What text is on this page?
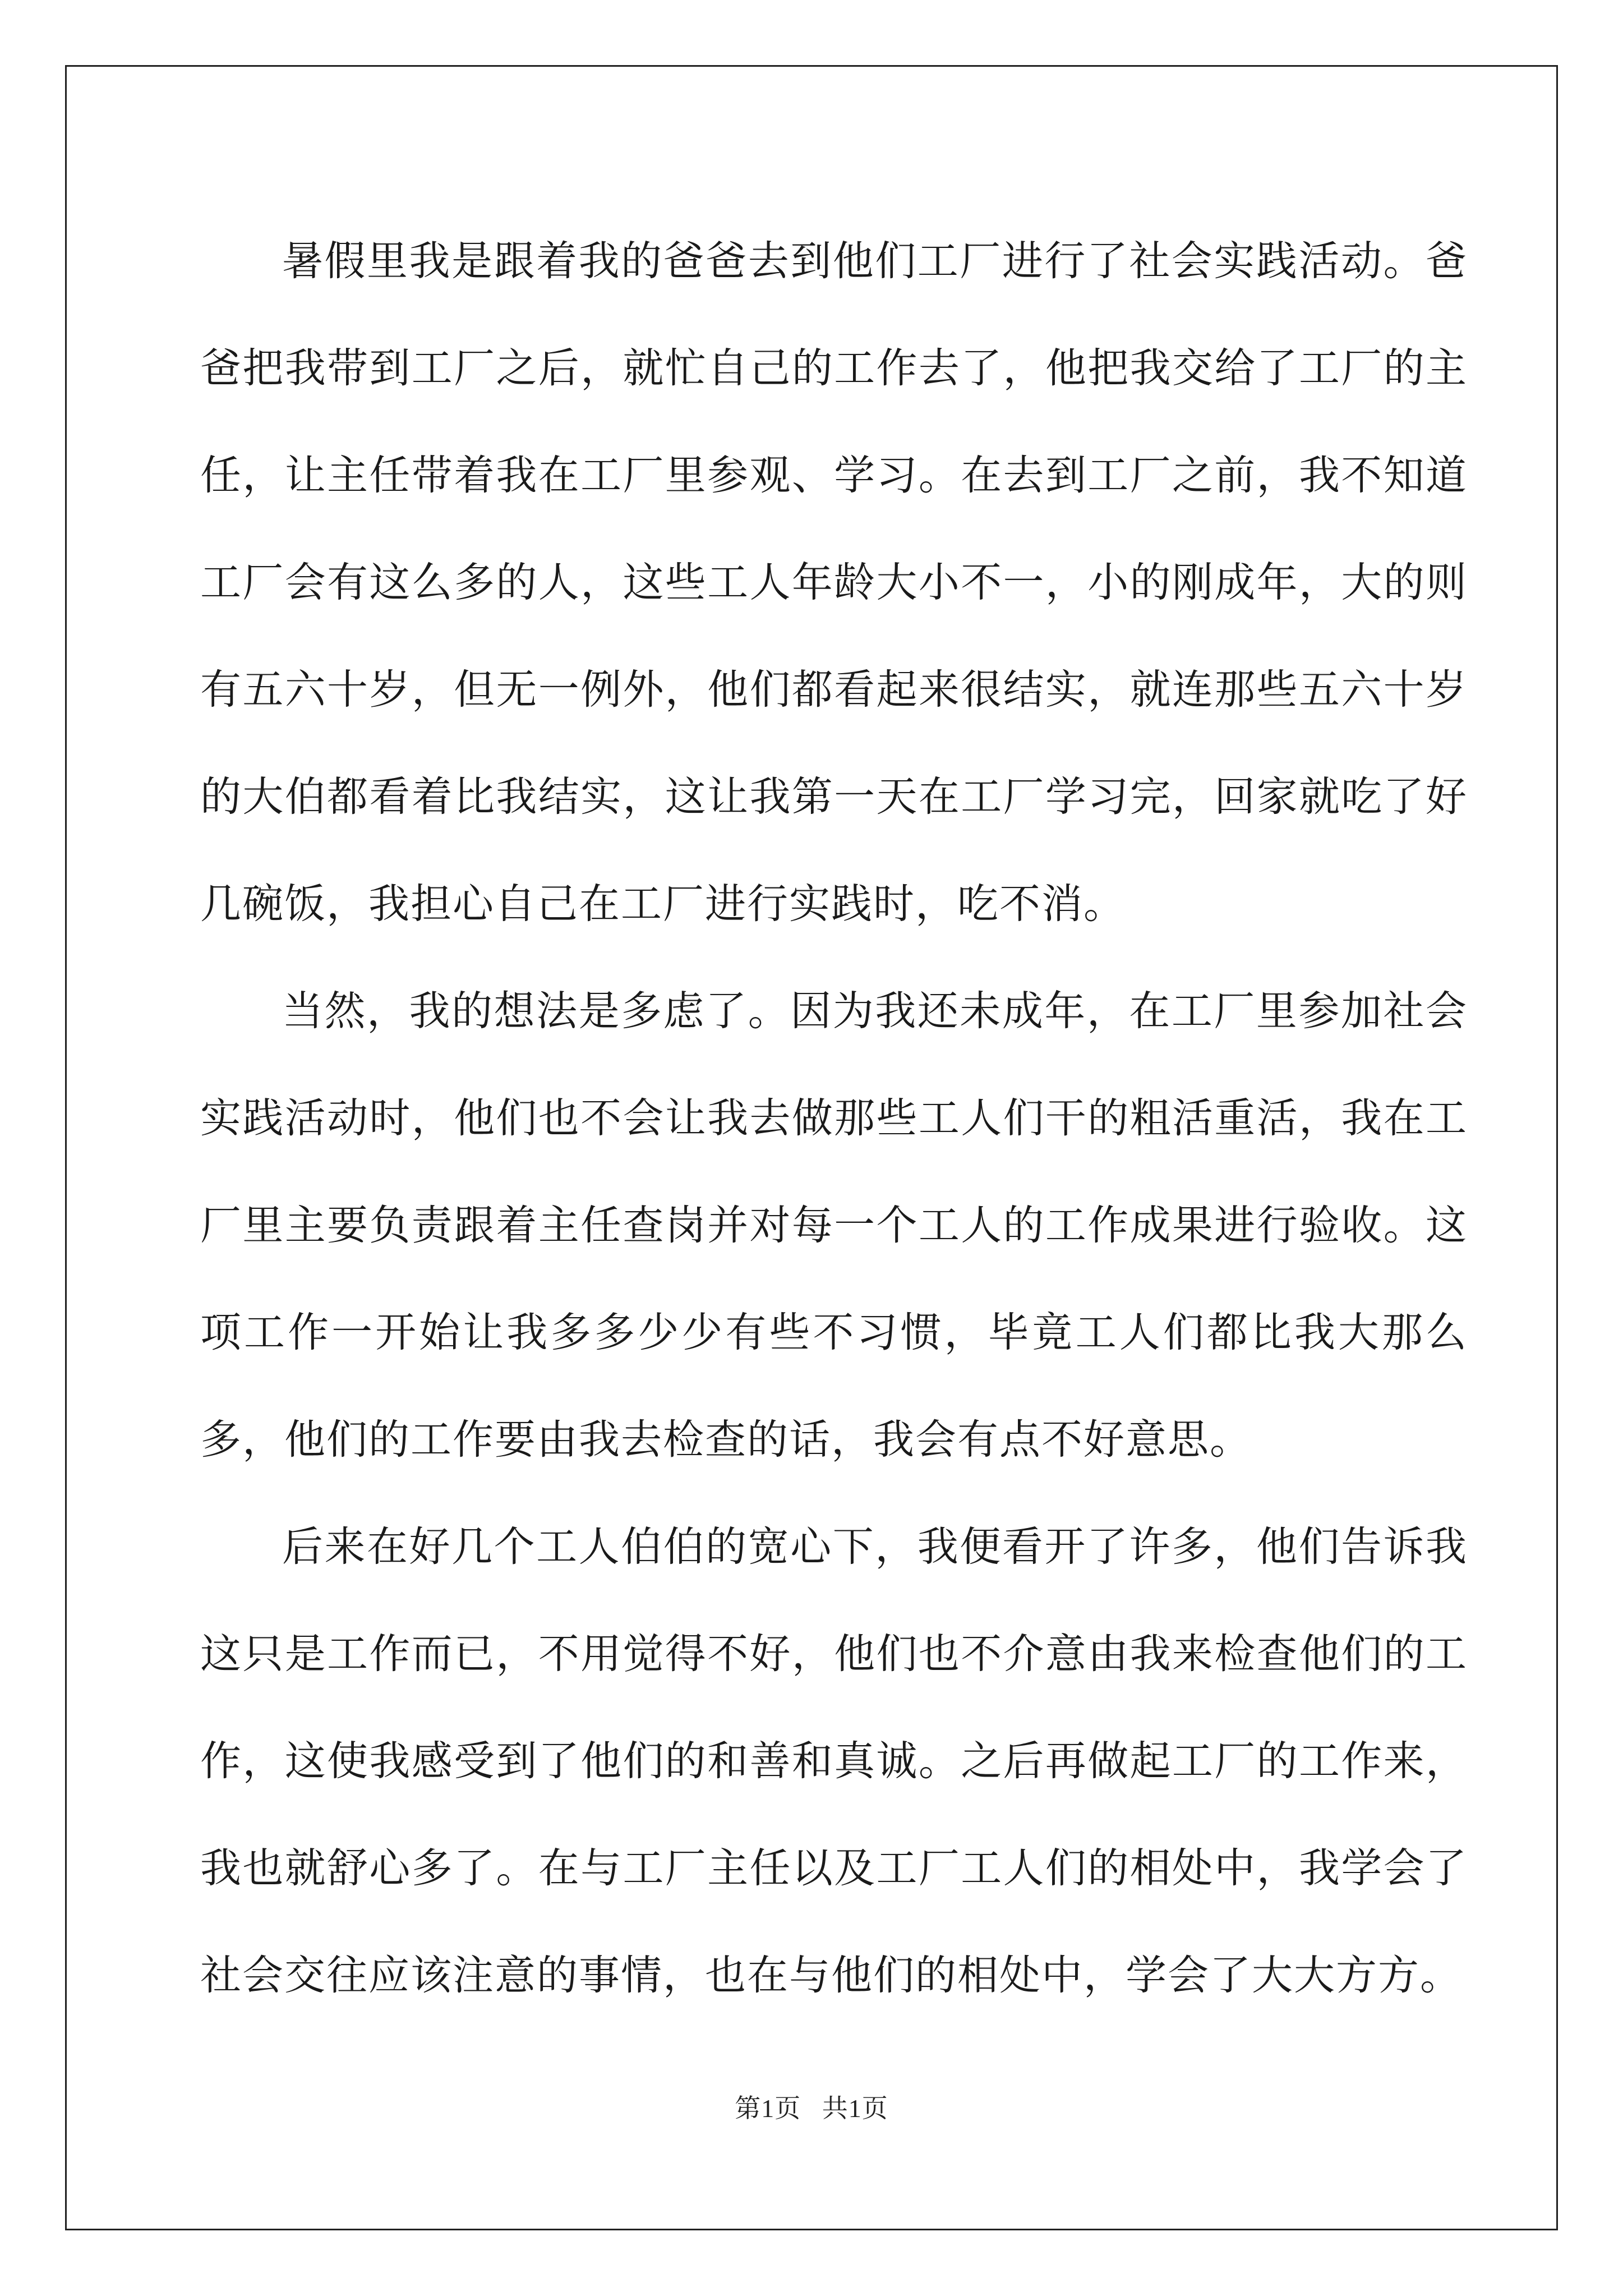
暑假里我是跟着我的爸爸去到他们工厂进行了社会实践活动。爸爸把我带到工厂之后，就忙自己的工作去了，他把我交给了工厂的主任，让主任带着我在工厂里参观、学习。在去到工厂之前，我不知道工厂会有这么多的人，这些工人年龄大小不一，小的刚成年，大的则有五六十岁，但无一例外，他们都看起来很结实，就连那些五六十岁的大伯都看着比我结实，这让我第一天在工厂学习完，回家就吃了好几碗饭，我担心自己在工厂进行实践时，吃不消。

当然，我的想法是多虑了。因为我还未成年，在工厂里参加社会实践活动时，他们也不会让我去做那些工人们干的粗活重活，我在工厂里主要负责跟着主任查岗并对每一个工人的工作成果进行验收。这项工作一开始让我多多少少有些不习惯，毕竟工人们都比我大那么多，他们的工作要由我去检查的话，我会有点不好意思。

后来在好几个工人伯伯的宽心下，我便看开了许多，他们告诉我这只是工作而已，不用觉得不好，他们也不介意由我来检查他们的工作，这使我感受到了他们的和善和真诚。之后再做起工厂的工作来，我也就舒心多了。在与工厂主任以及工厂工人们的相处中，我学会了社会交往应该注意的事情，也在与他们的相处中，学会了大大方方。

第1页 共1页
